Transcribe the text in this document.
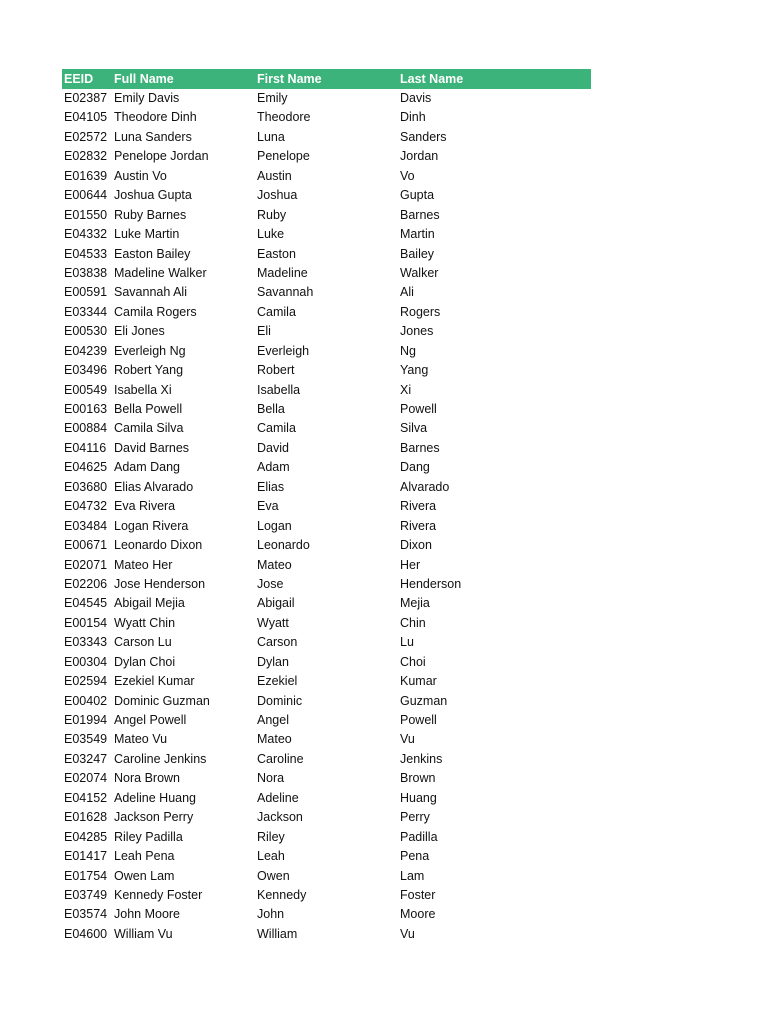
EEID	Full Name	First Name	Last Name
E02387 Emily Davis	Emily	Davis
E04105 Theodore Dinh	Theodore	Dinh
E02572 Luna Sanders	Luna	Sanders
E02832 Penelope Jordan	Penelope	Jordan
E01639 Austin Vo	Austin	Vo
E00644 Joshua Gupta	Joshua	Gupta
E01550 Ruby Barnes	Ruby	Barnes
E04332 Luke Martin	Luke	Martin
E04533 Easton Bailey	Easton	Bailey
E03838 Madeline Walker	Madeline	Walker
E00591 Savannah Ali	Savannah	Ali
E03344 Camila Rogers	Camila	Rogers
E00530 Eli Jones	Eli	Jones
E04239 Everleigh Ng	Everleigh	Ng
E03496 Robert Yang	Robert	Yang
E00549 Isabella Xi	Isabella	Xi
E00163 Bella Powell	Bella	Powell
E00884 Camila Silva	Camila	Silva
E04116 David Barnes	David	Barnes
E04625 Adam Dang	Adam	Dang
E03680 Elias Alvarado	Elias	Alvarado
E04732 Eva Rivera	Eva	Rivera
E03484 Logan Rivera	Logan	Rivera
E00671 Leonardo Dixon	Leonardo	Dixon
E02071 Mateo Her	Mateo	Her
E02206 Jose Henderson	Jose	Henderson
E04545 Abigail Mejia	Abigail	Mejia
E00154 Wyatt Chin	Wyatt	Chin
E03343 Carson Lu	Carson	Lu
E00304 Dylan Choi	Dylan	Choi
E02594 Ezekiel Kumar	Ezekiel	Kumar
E00402 Dominic Guzman	Dominic	Guzman
E01994 Angel Powell	Angel	Powell
E03549 Mateo Vu	Mateo	Vu
E03247 Caroline Jenkins	Caroline	Jenkins
E02074 Nora Brown	Nora	Brown
E04152 Adeline Huang	Adeline	Huang
E01628 Jackson Perry	Jackson	Perry
E04285 Riley Padilla	Riley	Padilla
E01417 Leah Pena	Leah	Pena
E01754 Owen Lam	Owen	Lam
E03749 Kennedy Foster	Kennedy	Foster
E03574 John Moore	John	Moore
E04600 William Vu	William	Vu
